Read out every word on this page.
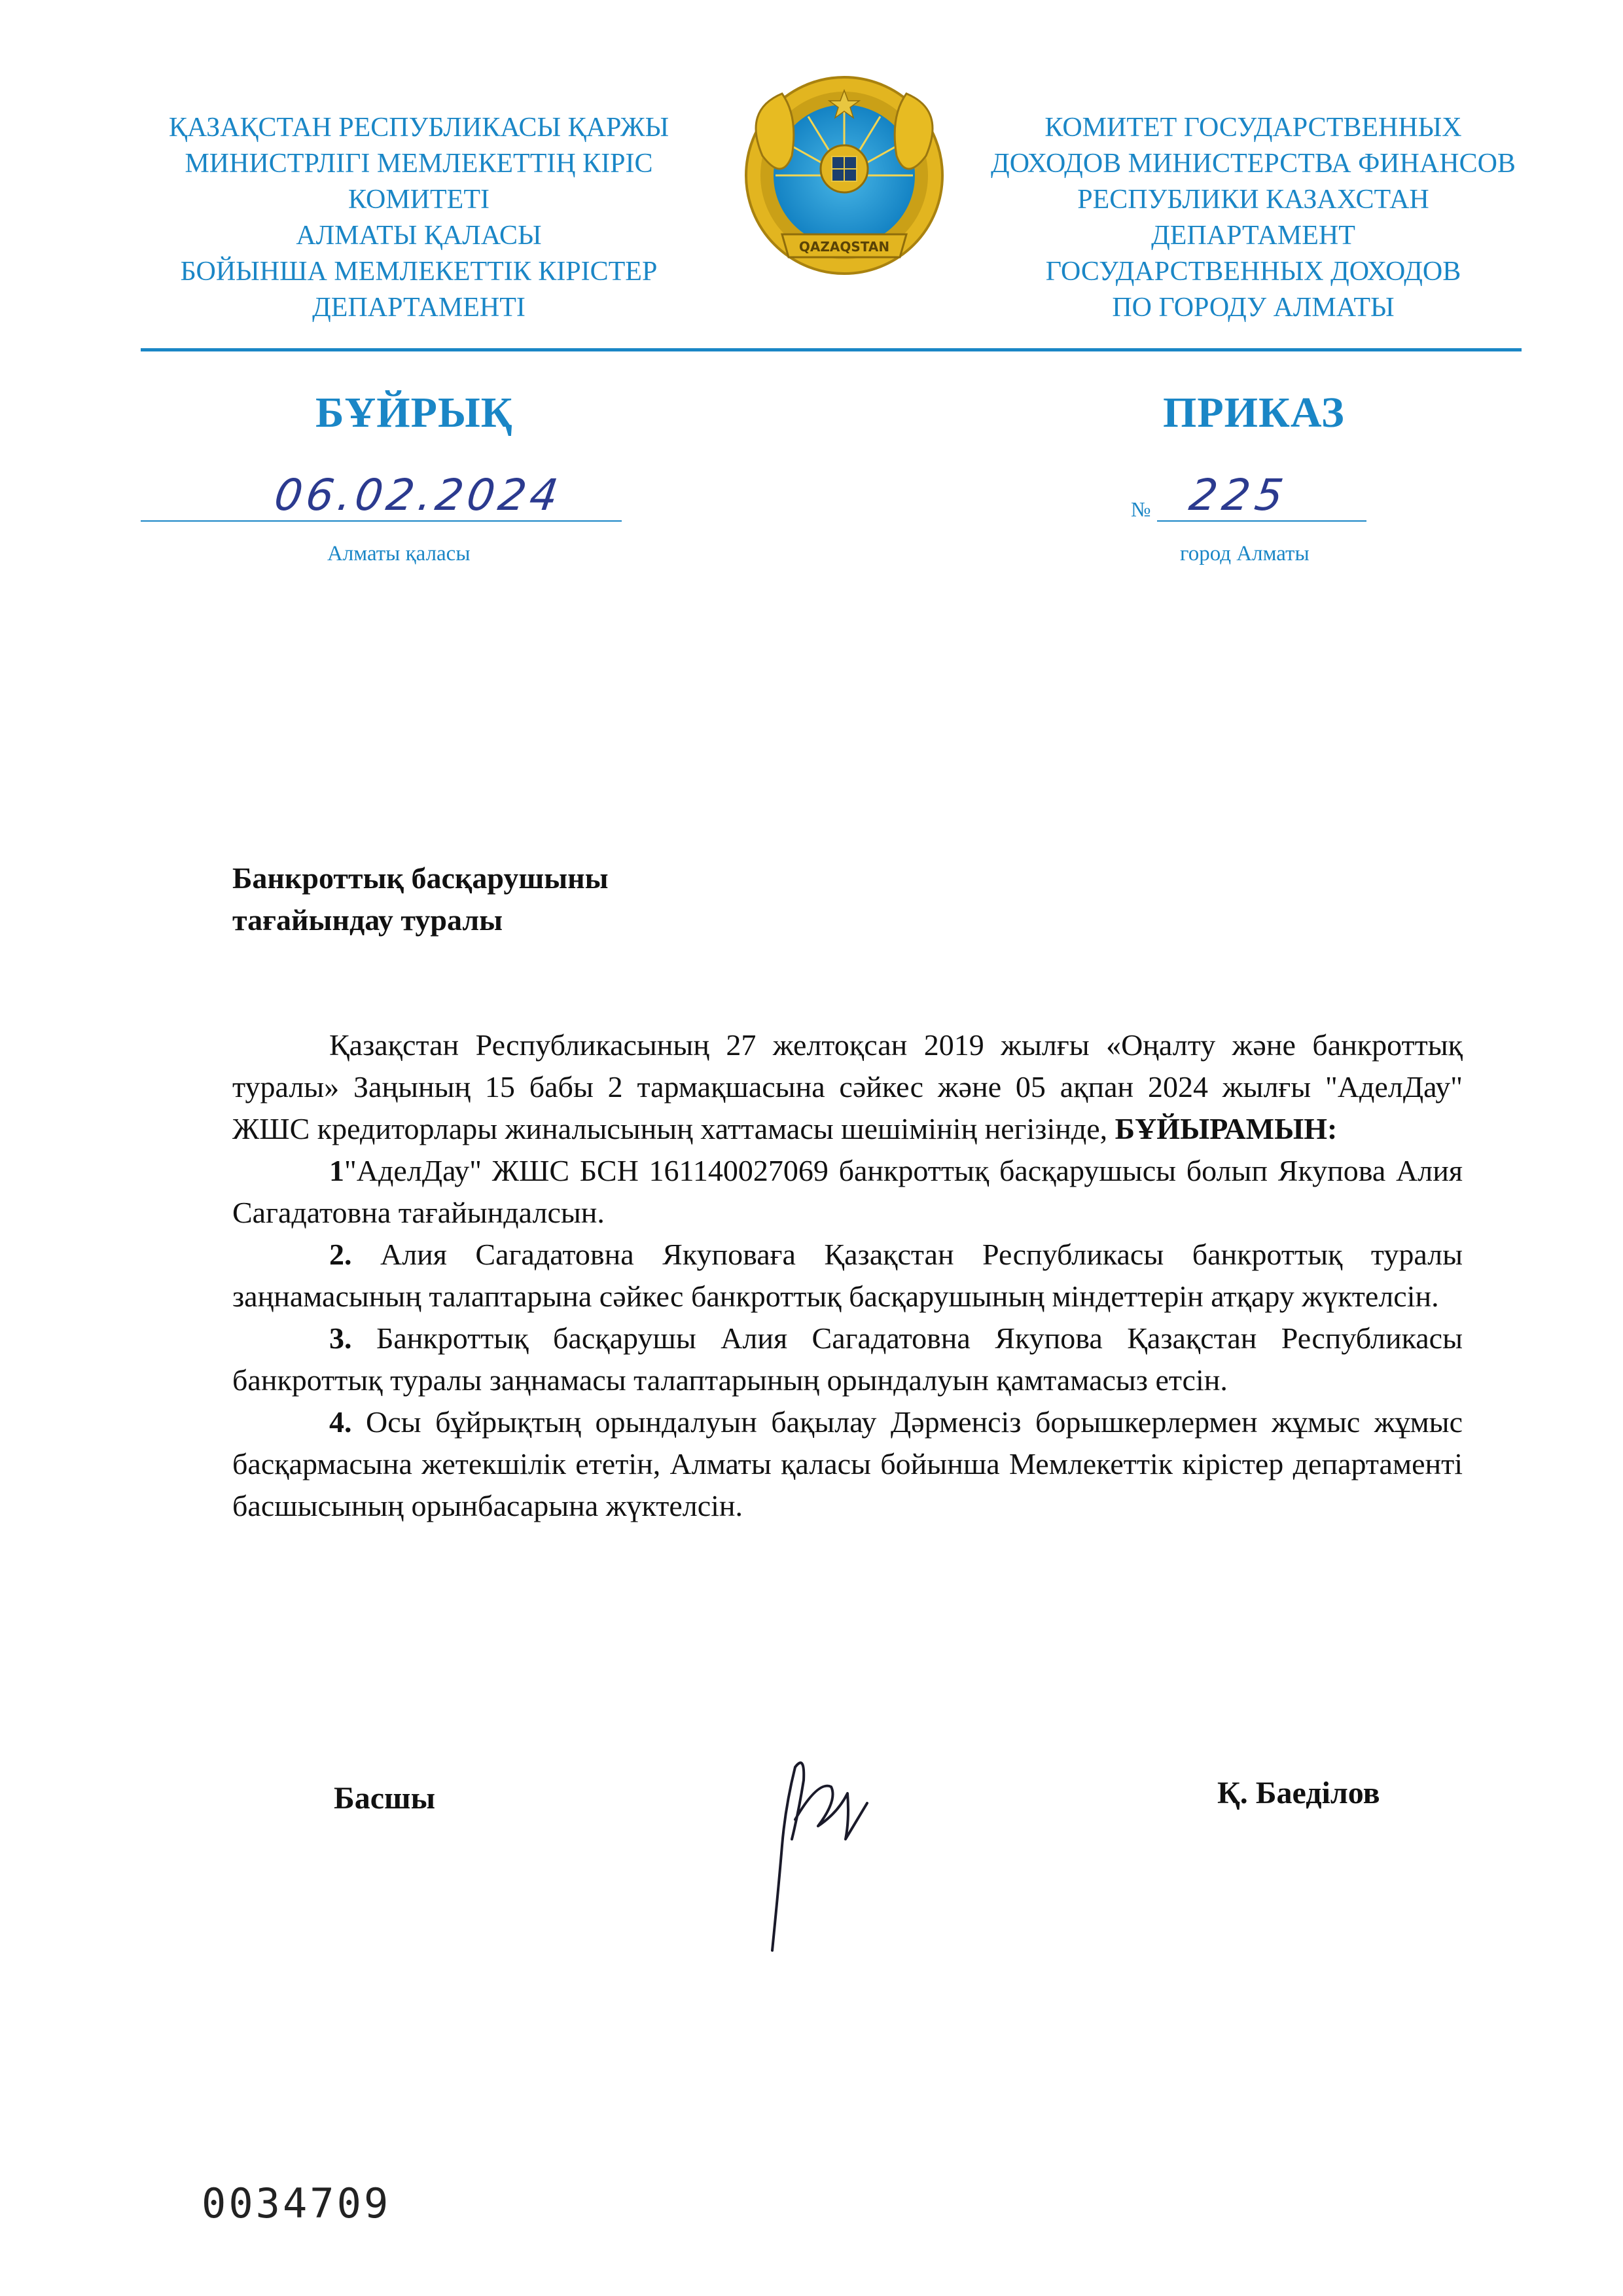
ҚАЗАҚСТАН РЕСПУБЛИКАСЫ ҚАРЖЫ
МИНИСТРЛІГІ МЕМЛЕКЕТТІҢ КІРІС
КОМИТЕТІ
АЛМАТЫ ҚАЛАСЫ
БОЙЫНША МЕМЛЕКЕТТІК КІРІСТЕР
ДЕПАРТАМЕНТІ
QAZAQSTAN
КОМИТЕТ ГОСУДАРСТВЕННЫХ
ДОХОДОВ МИНИСТЕРСТВА ФИНАНСОВ
РЕСПУБЛИКИ КАЗАХСТАН
ДЕПАРТАМЕНТ
ГОСУДАРСТВЕННЫХ ДОХОДОВ
ПО ГОРОДУ АЛМАТЫ
БҰЙРЫҚ	ПРИКАЗ
06.02.2024
Алматы қаласы
№ 225
город Алматы
Банкроттық басқарушыны
тағайындау туралы

Қазақстан Республикасының 27 желтоқсан 2019 жылғы «Оңалту және банкроттық туралы» Заңының 15 бабы 2 тармақшасына сәйкес және 05 ақпан 2024 жылғы "АделДау" ЖШС кредиторлары жиналысының хаттамасы шешімінің негізінде, БҰЙЫРАМЫН:

1"АделДау" ЖШС БСН 161140027069 банкроттық басқарушысы болып Якупова Алия Сагадатовна тағайындалсын.

2. Алия Сагадатовна Якуповаға Қазақстан Республикасы банкроттық туралы заңнамасының талаптарына сәйкес банкроттық басқарушының міндеттерін атқару жүктелсін.

3. Банкроттық басқарушы Алия Сагадатовна Якупова Қазақстан Республикасы банкроттық туралы заңнамасы талаптарының орындалуын қамтамасыз етсін.

4. Осы бұйрықтың орындалуын бақылау Дәрменсіз борышкерлермен жұмыс жұмыс басқармасына жетекшілік ететін, Алматы қаласы бойынша Мемлекеттік кірістер департаменті басшысының орынбасарына жүктелсін.

Басшы	Қ. Баеділов
0034709
